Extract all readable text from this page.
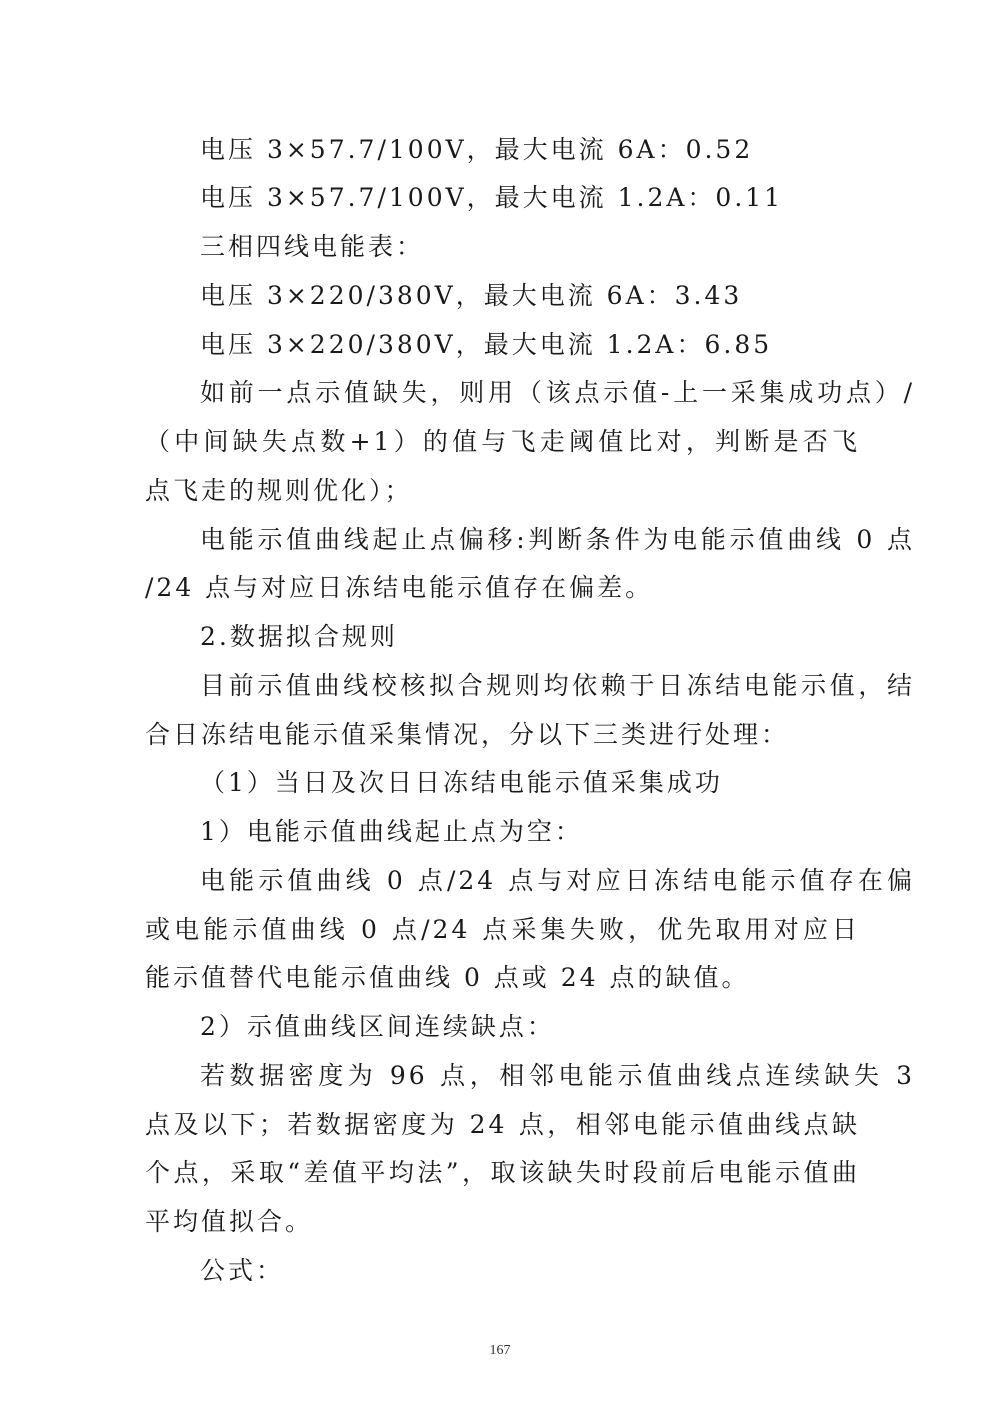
电压 3×57.7/100V，最大电流 6A：0.52
电压 3×57.7/100V，最大电流 1.2A：0.11
三相四线电能表：
电压 3×220/380V，最大电流 6A：3.43
电压 3×220/380V，最大电流 1.2A：6.85
如前一点示值缺失，则用（该点示值-上一采集成功点）/
（中间缺失点数+1）的值与飞走阈值比对，判断是否飞
点飞走的规则优化）；
电能示值曲线起止点偏移:判断条件为电能示值曲线 0 点
/24 点与对应日冻结电能示值存在偏差。
2.数据拟合规则
目前示值曲线校核拟合规则均依赖于日冻结电能示值，结
合日冻结电能示值采集情况，分以下三类进行处理：
（1）当日及次日日冻结电能示值采集成功
1）电能示值曲线起止点为空：
电能示值曲线 0 点/24 点与对应日冻结电能示值存在偏
或电能示值曲线 0 点/24 点采集失败，优先取用对应日
能示值替代电能示值曲线 0 点或 24 点的缺值。
2）示值曲线区间连续缺点：
若数据密度为 96 点，相邻电能示值曲线点连续缺失 3
点及以下；若数据密度为 24 点，相邻电能示值曲线点缺
个点，采取“差值平均法”，取该缺失时段前后电能示值曲
平均值拟合。
公式：
167
